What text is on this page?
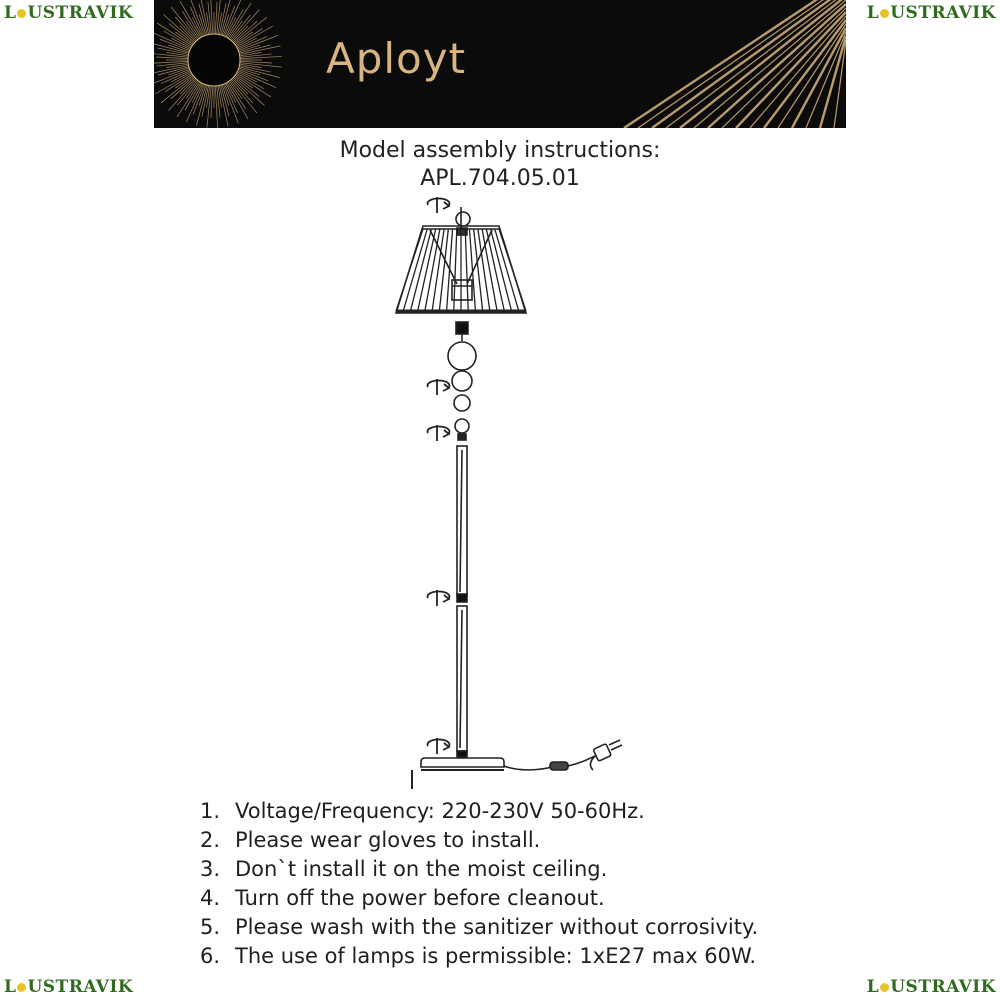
L USTRAVIK	L USTRAVIK
L USTRAVIK	L USTRAVIK
Aployt
Model assembly instructions:
APL.704.05.01
1. Voltage/Frequency: 220-230V 50-60Hz.
2. Please wear gloves to install.
3. Don`t install it on the moist ceiling.
4. Turn off the power before cleanout.
5. Please wash with the sanitizer without corrosivity.
6. The use of lamps is permissible: 1xE27 max 60W.
